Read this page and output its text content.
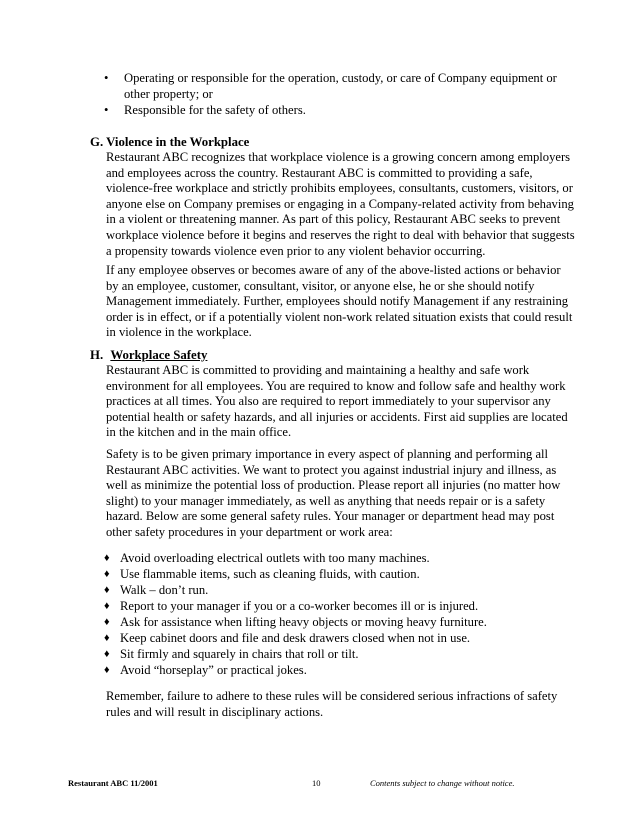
• Operating or responsible for the operation, custody, or care of Company equipment or other property; or
• Responsible for the safety of others.
G. Violence in the Workplace

Restaurant ABC recognizes that workplace violence is a growing concern among employers and employees across the country. Restaurant ABC is committed to providing a safe, violence-free workplace and strictly prohibits employees, consultants, customers, visitors, or anyone else on Company premises or engaging in a Company-related activity from behaving in a violent or threatening manner. As part of this policy, Restaurant ABC seeks to prevent workplace violence before it begins and reserves the right to deal with behavior that suggests a propensity towards violence even prior to any violent behavior occurring.

If any employee observes or becomes aware of any of the above-listed actions or behavior by an employee, customer, consultant, visitor, or anyone else, he or she should notify Management immediately. Further, employees should notify Management if any restraining order is in effect, or if a potentially violent non-work related situation exists that could result in violence in the workplace.

H. Workplace Safety

Restaurant ABC is committed to providing and maintaining a healthy and safe work environment for all employees. You are required to know and follow safe and healthy work practices at all times. You also are required to report immediately to your supervisor any potential health or safety hazards, and all injuries or accidents. First aid supplies are located in the kitchen and in the main office.

Safety is to be given primary importance in every aspect of planning and performing all Restaurant ABC activities. We want to protect you against industrial injury and illness, as well as minimize the potential loss of production. Please report all injuries (no matter how slight) to your manager immediately, as well as anything that needs repair or is a safety hazard. Below are some general safety rules. Your manager or department head may post other safety procedures in your department or work area:

♦ Avoid overloading electrical outlets with too many machines.
♦ Use flammable items, such as cleaning fluids, with caution.
♦ Walk – don’t run.
♦ Report to your manager if you or a co-worker becomes ill or is injured.
♦ Ask for assistance when lifting heavy objects or moving heavy furniture.
♦ Keep cabinet doors and file and desk drawers closed when not in use.
♦ Sit firmly and squarely in chairs that roll or tilt.
♦ Avoid “horseplay” or practical jokes.

Remember, failure to adhere to these rules will be considered serious infractions of safety rules and will result in disciplinary actions.

Restaurant ABC 11/2001	10	Contents subject to change without notice.
